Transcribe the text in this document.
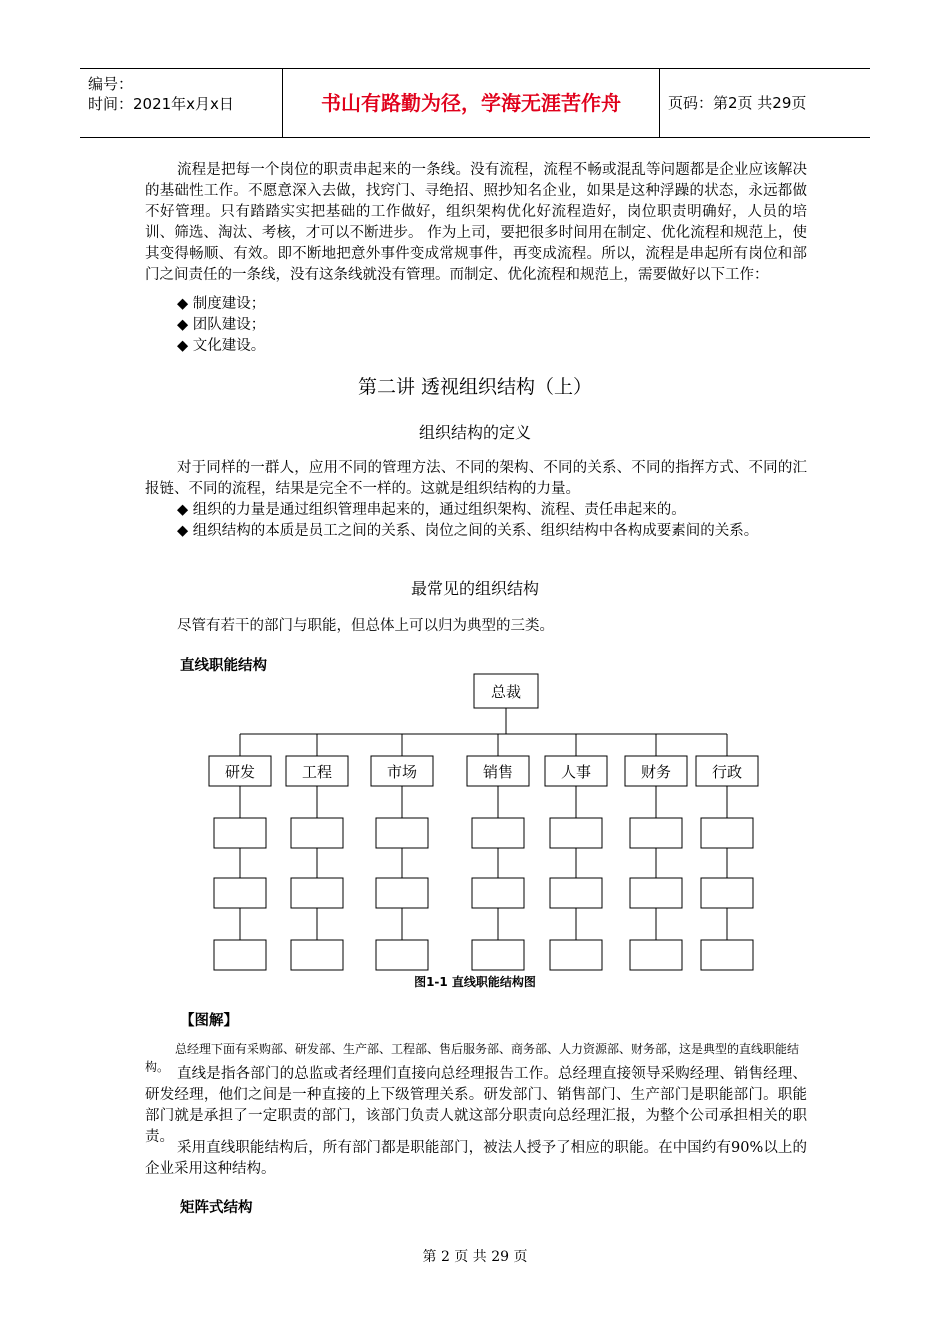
编号：
时间：2021年x月x日	书山有路勤为径，学海无涯苦作舟	页码：第2页 共29页

流程是把每一个岗位的职责串起来的一条线。没有流程，流程不畅或混乱等问题都是企业应该解决的基础性工作。不愿意深入去做，找窍门、寻绝招、照抄知名企业，如果是这种浮躁的状态，永远都做不好管理。只有踏踏实实把基础的工作做好，组织架构优化好流程造好，岗位职责明确好，人员的培训、筛选、淘汰、考核，才可以不断进步。 作为上司，要把很多时间用在制定、优化流程和规范上，使其变得畅顺、有效。即不断地把意外事件变成常规事件，再变成流程。所以，流程是串起所有岗位和部门之间责任的一条线，没有这条线就没有管理。而制定、优化流程和规范上，需要做好以下工作：

◆ 制度建设；
◆ 团队建设；
◆ 文化建设。
第二讲 透视组织结构（上）
组织结构的定义

对于同样的一群人，应用不同的管理方法、不同的架构、不同的关系、不同的指挥方式、不同的汇报链、不同的流程，结果是完全不一样的。这就是组织结构的力量。

◆ 组织的力量是通过组织管理串起来的，通过组织架构、流程、责任串起来的。

◆ 组织结构的本质是员工之间的关系、岗位之间的关系、组织结构中各构成要素间的关系。

最常见的组织结构

尽管有若干的部门与职能，但总体上可以归为典型的三类。

直线职能结构
总裁
研发	工程	市场	销售	人事	财务	行政
图1-1 直线职能结构图
【图解】

总经理下面有采购部、研发部、生产部、工程部、售后服务部、商务部、人力资源部、财务部，这是典型的直线职能结构。 直线是指各部门的总监或者经理们直接向总经理报告工作。总经理直接领导采购经理、销售经理、研发经理，他们之间是一种直接的上下级管理关系。研发部门、销售部门、生产部门是职能部门。职能部门就是承担了一定职责的部门，该部门负责人就这部分职责向总经理汇报，为整个公司承担相关的职责。

采用直线职能结构后，所有部门都是职能部门，被法人授予了相应的职能。在中国约有90%以上的企业采用这种结构。

矩阵式结构
第 2 页 共 29 页
